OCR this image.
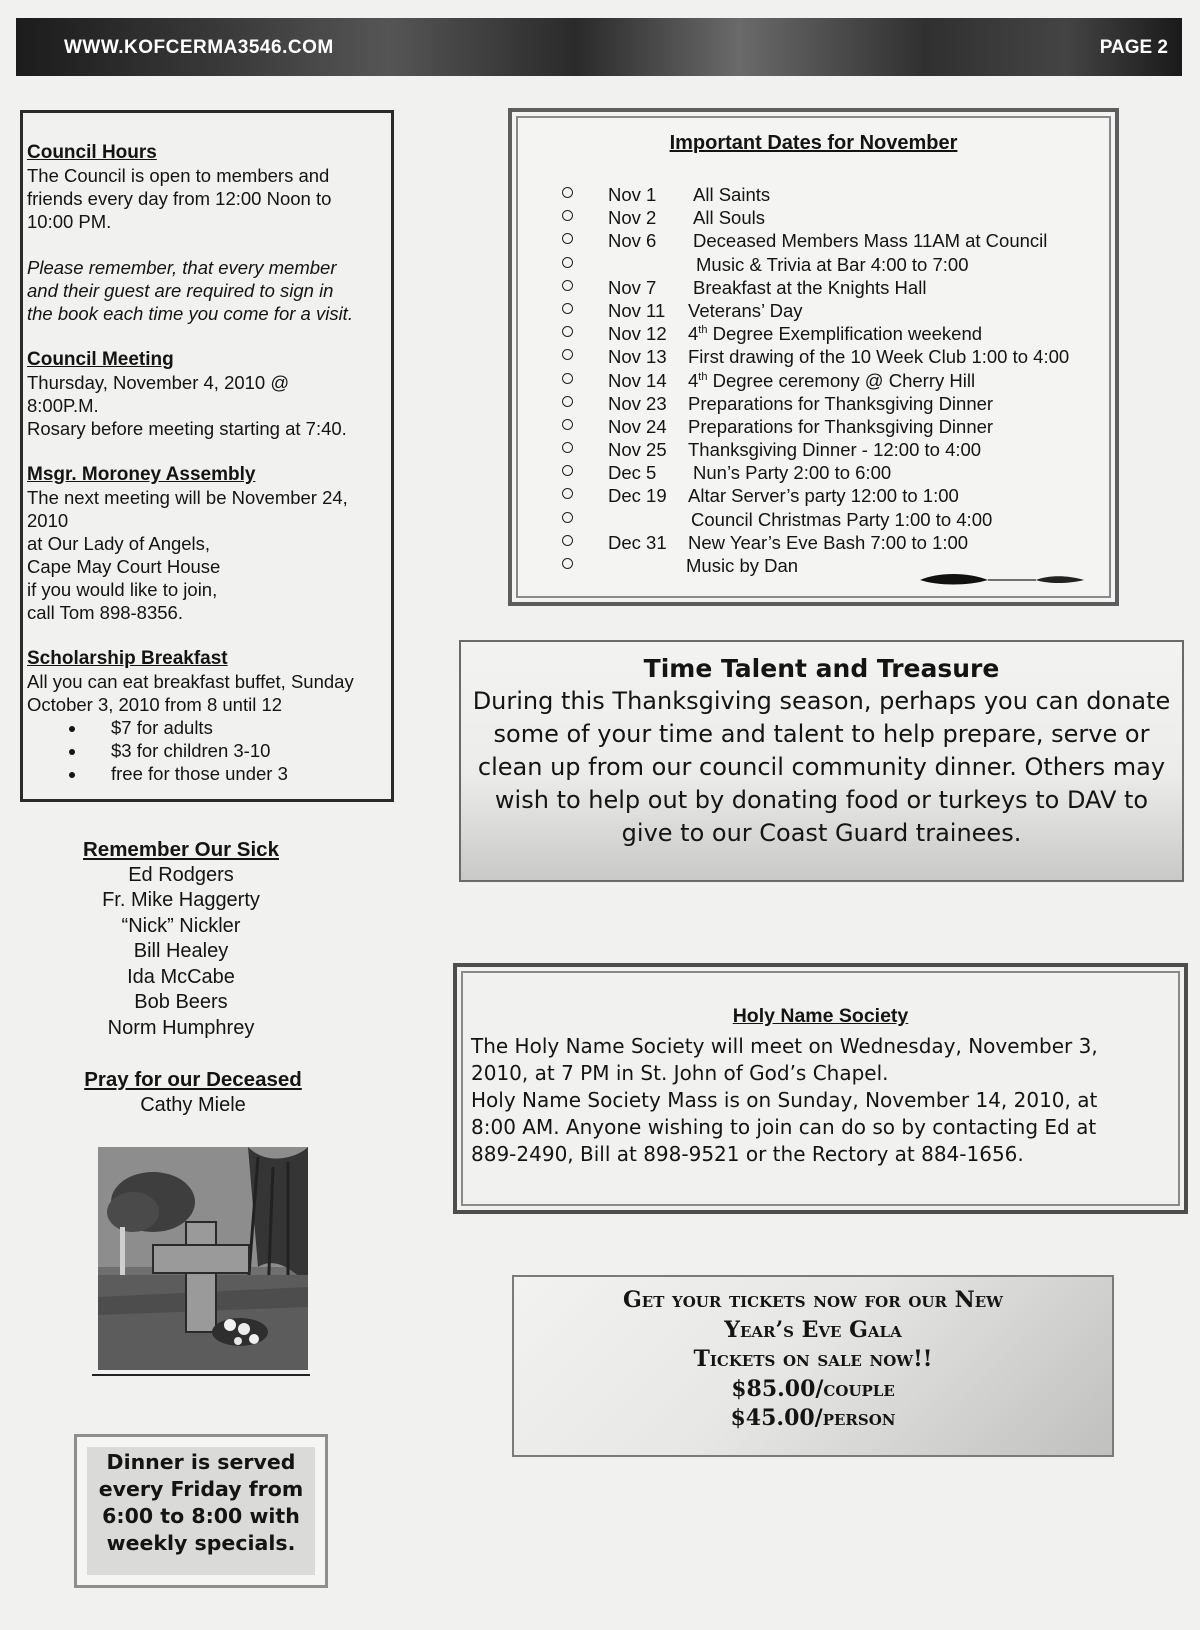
WWW.KOFCERMA3546.COM	PAGE 2
Council Hours

The Council is open to members and

friends every day from 12:00 Noon to

10:00 PM.

Please remember, that every member

and their guest are required to sign in

the book each time you come for a visit.

Council Meeting

Thursday, November 4, 2010 @

8:00P.M.

Rosary before meeting starting at 7:40.

Msgr. Moroney Assembly

The next meeting will be November 24,

2010

at Our Lady of Angels,

Cape May Court House

if you would like to join,

call Tom 898-8356.

Scholarship Breakfast

All you can eat breakfast buffet, Sunday

October 3, 2010 from 8 until 12

• $7 for adults
• $3 for children 3-10
• free for those under 3
Important Dates for November
Nov 1 All Saints
Nov 2 All Souls
Nov 6 Deceased Members Mass 11AM at Council
Music & Trivia at Bar 4:00 to 7:00
Nov 7 Breakfast at the Knights Hall
Nov 11 Veterans’ Day
Nov 12 4th Degree Exemplification weekend
Nov 13 First drawing of the 10 Week Club 1:00 to 4:00
Nov 14 4th Degree ceremony @ Cherry Hill
Nov 23 Preparations for Thanksgiving Dinner
Nov 24 Preparations for Thanksgiving Dinner
Nov 25 Thanksgiving Dinner - 12:00 to 4:00
Dec 5 Nun’s Party 2:00 to 6:00
Dec 19 Altar Server’s party 12:00 to 1:00
Council Christmas Party 1:00 to 4:00
Dec 31 New Year’s Eve Bash 7:00 to 1:00
Music by Dan
Time Talent and Treasure
During this Thanksgiving season, perhaps you can donate
some of your time and talent to help prepare, serve or
clean up from our council community dinner. Others may
wish to help out by donating food or turkeys to DAV to
give to our Coast Guard trainees.
Holy Name Society
The Holy Name Society will meet on Wednesday, November 3,
2010, at 7 PM in St. John of God’s Chapel.
Holy Name Society Mass is on Sunday, November 14, 2010, at
8:00 AM. Anyone wishing to join can do so by contacting Ed at
889-2490, Bill at 898-9521 or the Rectory at 884-1656.
Get your tickets now for our New
Year’s Eve Gala
Tickets on sale now!!
$85.00/couple
$45.00/person
Remember Our Sick
Ed Rodgers
Fr. Mike Haggerty
“Nick” Nickler
Bill Healey
Ida McCabe
Bob Beers
Norm Humphrey
Pray for our Deceased
Cathy Miele
Dinner is served
every Friday from
6:00 to 8:00 with
weekly specials.
